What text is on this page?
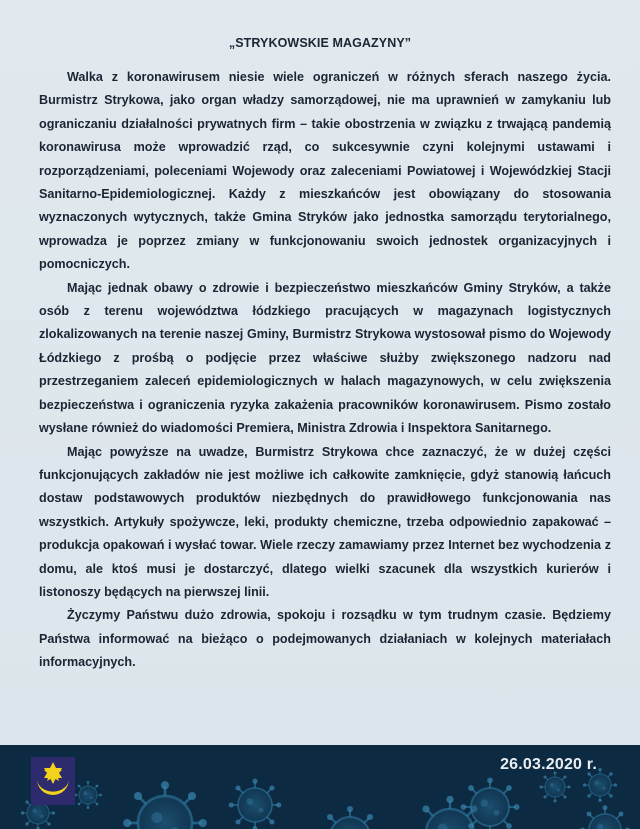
„STRYKOWSKIE MAGAZYNY”

Walka z koronawirusem niesie wiele ograniczeń w różnych sferach naszego życia. Burmistrz Strykowa, jako organ władzy samorządowej, nie ma uprawnień w zamykaniu lub ograniczaniu działalności prywatnych firm – takie obostrzenia w związku z trwającą pandemią koronawirusa może wprowadzić rząd, co sukcesywnie czyni kolejnymi ustawami i rozporządzeniami, poleceniami Wojewody oraz zaleceniami Powiatowej i Wojewódzkiej Stacji Sanitarno-Epidemiologicznej. Każdy z mieszkańców jest obowiązany do stosowania wyznaczonych wytycznych, także Gmina Stryków jako jednostka samorządu terytorialnego, wprowadza je poprzez zmiany w funkcjonowaniu swoich jednostek organizacyjnych i pomocniczych.

Mając jednak obawy o zdrowie i bezpieczeństwo mieszkańców Gminy Stryków, a także osób z terenu województwa łódzkiego pracujących w magazynach logistycznych zlokalizowanych na terenie naszej Gminy, Burmistrz Strykowa wystosował pismo do Wojewody Łódzkiego z prośbą o podjęcie przez właściwe służby zwiększonego nadzoru nad przestrzeganiem zaleceń epidemiologicznych w halach magazynowych, w celu zwiększenia bezpieczeństwa i ograniczenia ryzyka zakażenia pracowników koronawirusem. Pismo zostało wysłane również do wiadomości Premiera, Ministra Zdrowia i Inspektora Sanitarnego.

Mając powyższe na uwadze, Burmistrz Strykowa chce zaznaczyć, że w dużej części funkcjonujących zakładów nie jest możliwe ich całkowite zamknięcie, gdyż stanowią łańcuch dostaw podstawowych produktów niezbędnych do prawidłowego funkcjonowania nas wszystkich. Artykuły spożywcze, leki, produkty chemiczne, trzeba odpowiednio zapakować – produkcja opakowań i wysłać towar. Wiele rzeczy zamawiamy przez Internet bez wychodzenia z domu, ale ktoś musi je dostarczyć, dlatego wielki szacunek dla wszystkich kurierów i listonoszy będących na pierwszej linii.

Życzymy Państwu dużo zdrowia, spokoju i rozsądku w tym trudnym czasie. Będziemy Państwa informować na bieżąco o podejmowanych działaniach w kolejnych materiałach informacyjnych.

26.03.2020 r.
